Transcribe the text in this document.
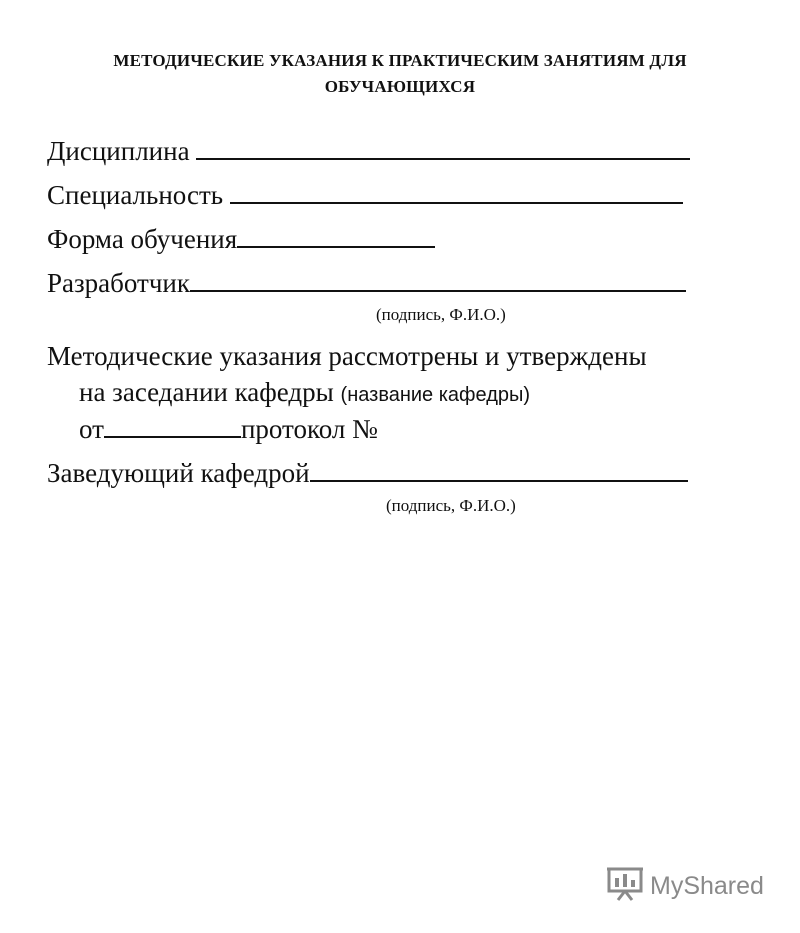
МЕТОДИЧЕСКИЕ УКАЗАНИЯ К ПРАКТИЧЕСКИМ ЗАНЯТИЯМ ДЛЯ
ОБУЧАЮЩИХСЯ
Дисциплина
Специальность
Форма обучения
Разработчик
(подпись, Ф.И.О.)
Методические указания рассмотрены и утверждены
на заседании кафедры (название кафедры)
от	протокол №
Заведующий кафедрой
(подпись, Ф.И.О.)
MyShared
